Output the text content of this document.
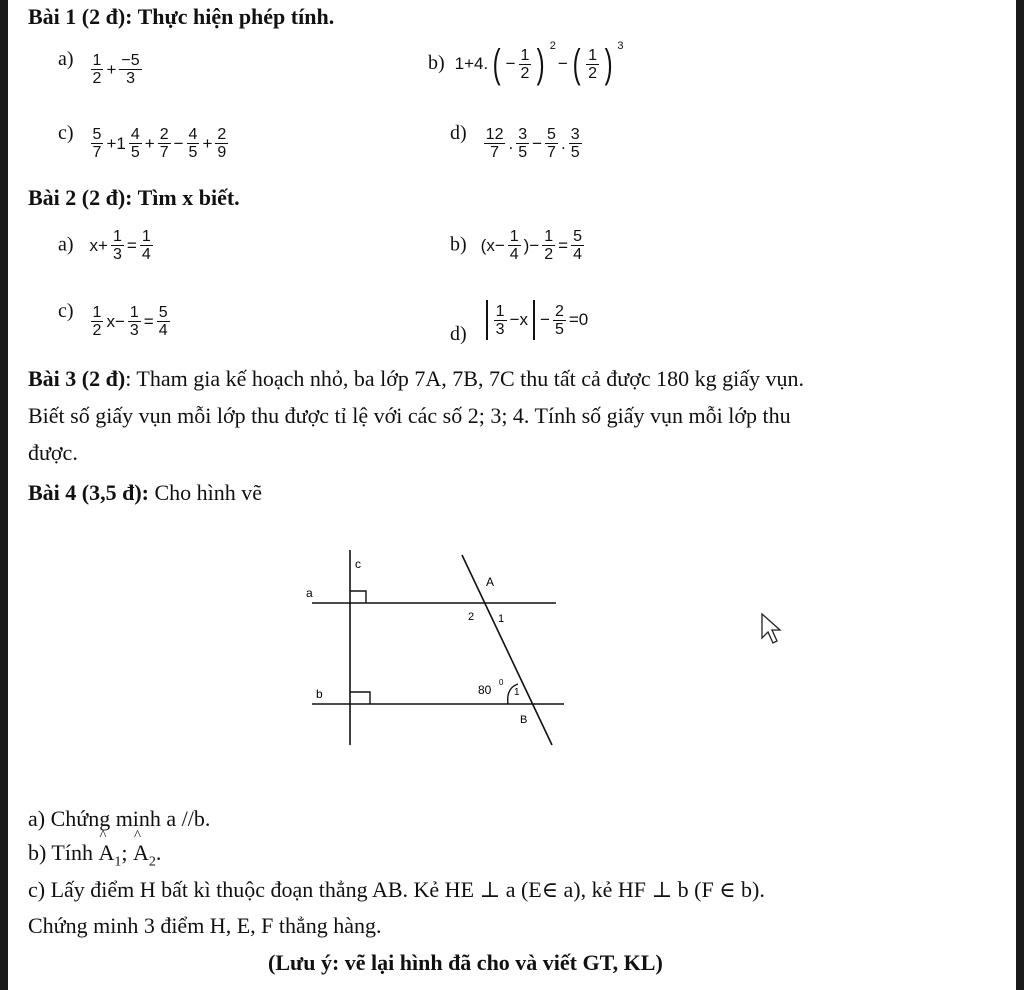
Bài 1 (2 đ): Thực hiện phép tính.
$a) \frac{1}{2} + \frac{-5}{3}$	b) 1+4. ( − $\frac{1}{2}$ ) 2
− ( $\frac{1}{2}$ ) 3
$c) \frac{5}{7} +1 \frac{4}{5} + \frac{2}{7} - \frac{4}{5} + \frac{2}{9}$	$d) \frac{12}{7}$ . $\frac{3}{5} - \frac{5}{7}$ . $\frac{3}{5}$
Bài 2 (2 đ): Tìm x biết.
a) $x+ \frac{1}{3} = \frac{1}{4}$	b) ($x- \frac{1}{4}$ )− $\frac{1}{2} = \frac{5}{4}$
$c) \frac{1}{2} x- \frac{1}{3} = \frac{5}{4}$	$d) \frac{1}{3} -x - \frac{2}{5} =0$
Bài 3 (2 đ): Tham gia kế hoạch nhỏ, ba lớp 7A, 7B, 7C thu tất cả được 180 kg giấy vụn.
Biết số giấy vụn mỗi lớp thu được tỉ lệ với các số 2; 3; 4. Tính số giấy vụn mỗi lớp thu
được.
Bài 4 (3,5 đ): Cho hình vẽ
c
a
b
A
2 1
80
0
1
B
a) Chứng minh a //b.
b) Tính ^ $A_1$; ^ $A_2$.
c) Lấy điểm H bất kì thuộc đoạn thẳng AB. Kẻ HE ⊥ a (E∈ a), kẻ HF ⊥ b (F ∈ b).
Chứng minh 3 điểm H, E, F thẳng hàng.
(Lưu ý: vẽ lại hình đã cho và viết GT, KL)
